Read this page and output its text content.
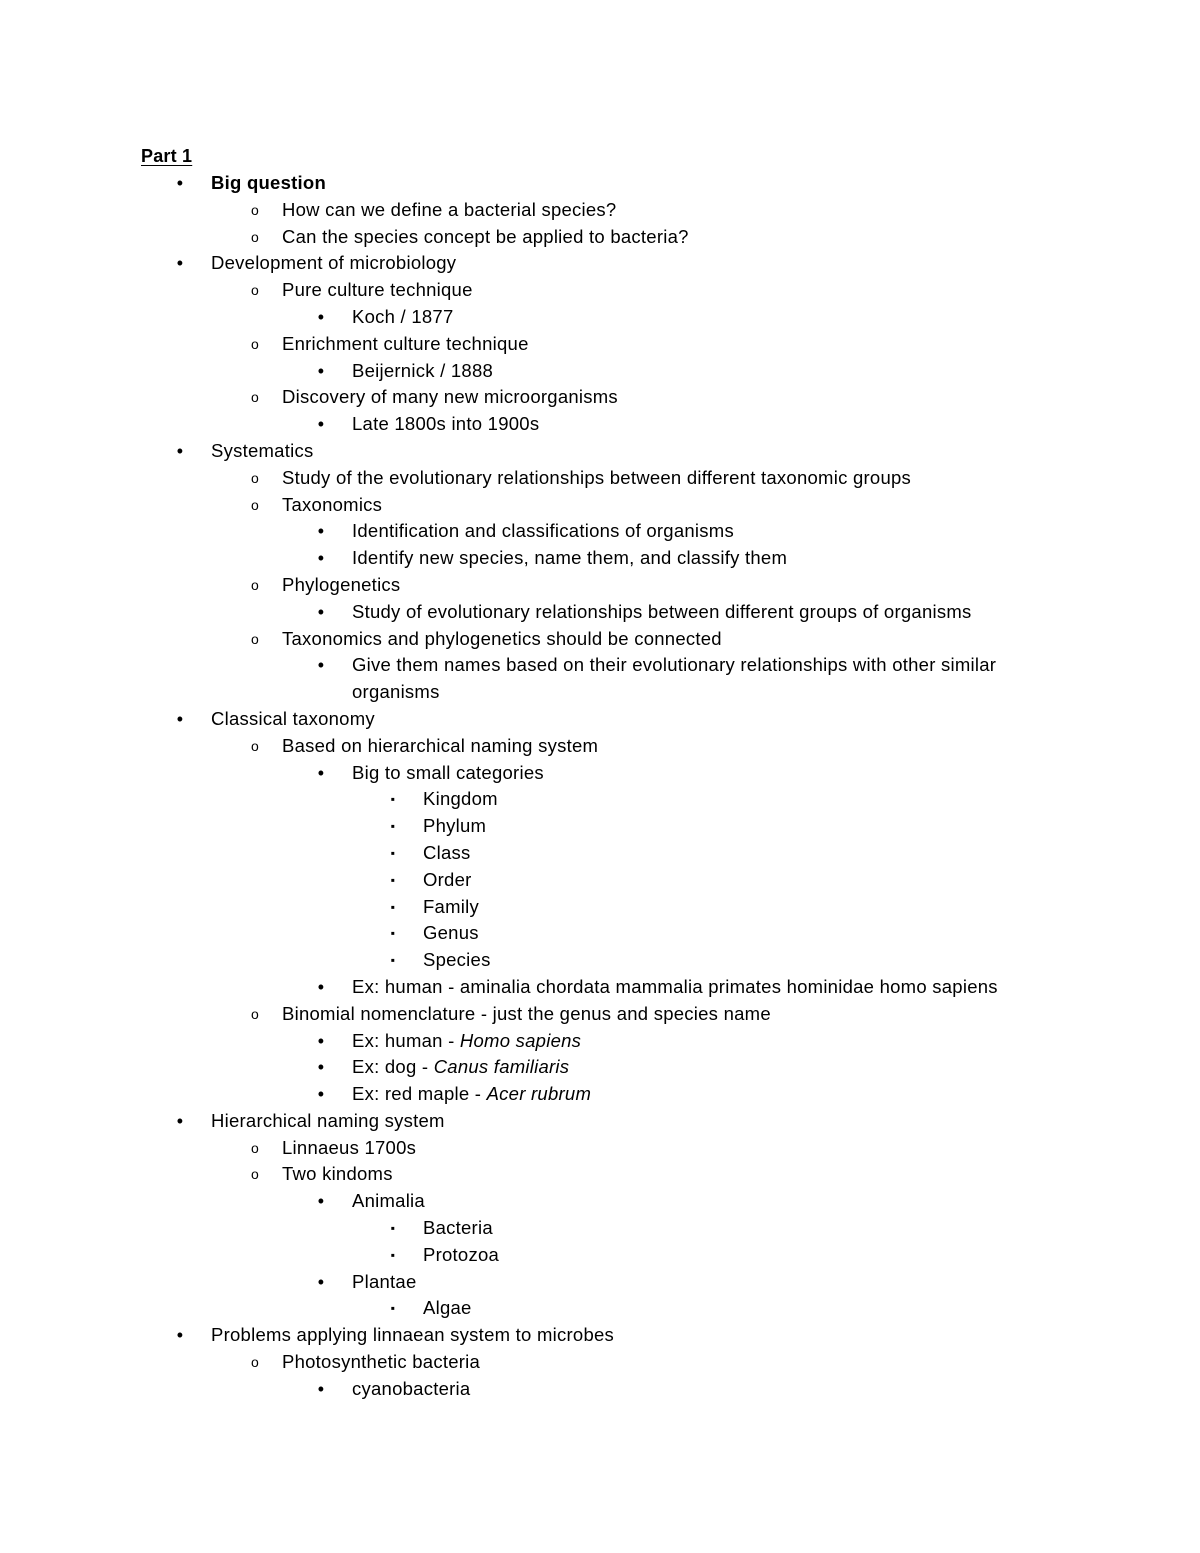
Part 1
•	Big question
o	How can we define a bacterial species?
o	Can the species concept be applied to bacteria?
•	Development of microbiology
o	Pure culture technique
•	Koch / 1877
o	Enrichment culture technique
•	Beijernick / 1888
o	Discovery of many new microorganisms
•	Late 1800s into 1900s
•	Systematics
o	Study of the evolutionary relationships between different taxonomic groups
o	Taxonomics
•	Identification and classifications of organisms
•	Identify new species, name them, and classify them
o	Phylogenetics
•	Study of evolutionary relationships between different groups of organisms
o	Taxonomics and phylogenetics should be connected
•	Give them names based on their evolutionary relationships with other similar organisms
•	Classical taxonomy
o	Based on hierarchical naming system
•	Big to small categories
▪	Kingdom
▪	Phylum
▪	Class
▪	Order
▪	Family
▪	Genus
▪	Species
•	Ex: human - aminalia chordata mammalia primates hominidae homo sapiens
o	Binomial nomenclature - just the genus and species name
•	Ex: human - Homo sapiens
•	Ex: dog - Canus familiaris
•	Ex: red maple - Acer rubrum
•	Hierarchical naming system
o	Linnaeus 1700s
o	Two kindoms
•	Animalia
▪	Bacteria
▪	Protozoa
•	Plantae
▪	Algae
•	Problems applying linnaean system to microbes
o	Photosynthetic bacteria
•	cyanobacteria
